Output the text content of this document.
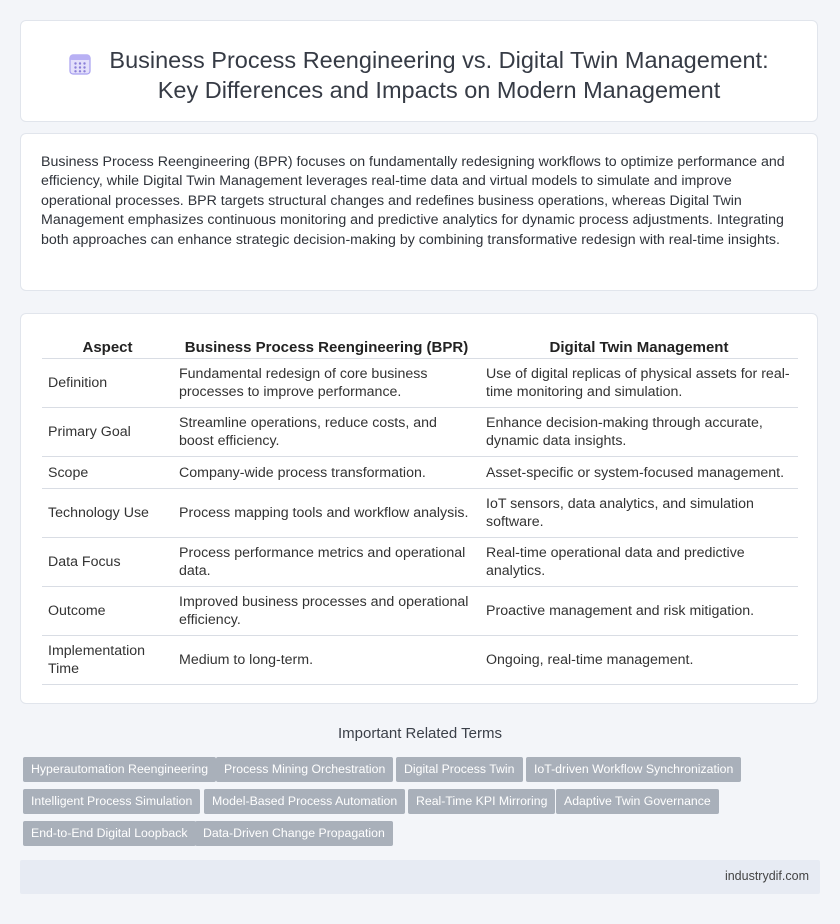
Business Process Reengineering vs. Digital Twin Management:
Key Differences and Impacts on Modern Management
Business Process Reengineering (BPR) focuses on fundamentally redesigning workflows to optimize performance and efficiency, while Digital Twin Management leverages real-time data and virtual models to simulate and improve operational processes. BPR targets structural changes and redefines business operations, whereas Digital Twin Management emphasizes continuous monitoring and predictive analytics for dynamic process adjustments. Integrating both approaches can enhance strategic decision-making by combining transformative redesign with real-time insights.
Aspect	Business Process Reengineering (BPR)	Digital Twin Management
Definition	Fundamental redesign of core business processes to improve performance.	Use of digital replicas of physical assets for real-time monitoring and simulation.
Primary Goal	Streamline operations, reduce costs, and boost efficiency.	Enhance decision-making through accurate, dynamic data insights.
Scope	Company-wide process transformation.	Asset-specific or system-focused management.
Technology Use	Process mapping tools and workflow analysis.	IoT sensors, data analytics, and simulation software.
Data Focus	Process performance metrics and operational data.	Real-time operational data and predictive analytics.
Outcome	Improved business processes and operational efficiency.	Proactive management and risk mitigation.
Implementation Time	Medium to long-term.	Ongoing, real-time management.
Important Related Terms
Hyperautomation Reengineering	Process Mining Orchestration	Digital Process Twin	IoT-driven Workflow Synchronization
Intelligent Process Simulation	Model-Based Process Automation	Real-Time KPI Mirroring	Adaptive Twin Governance
End-to-End Digital Loopback	Data-Driven Change Propagation
industrydif.com
